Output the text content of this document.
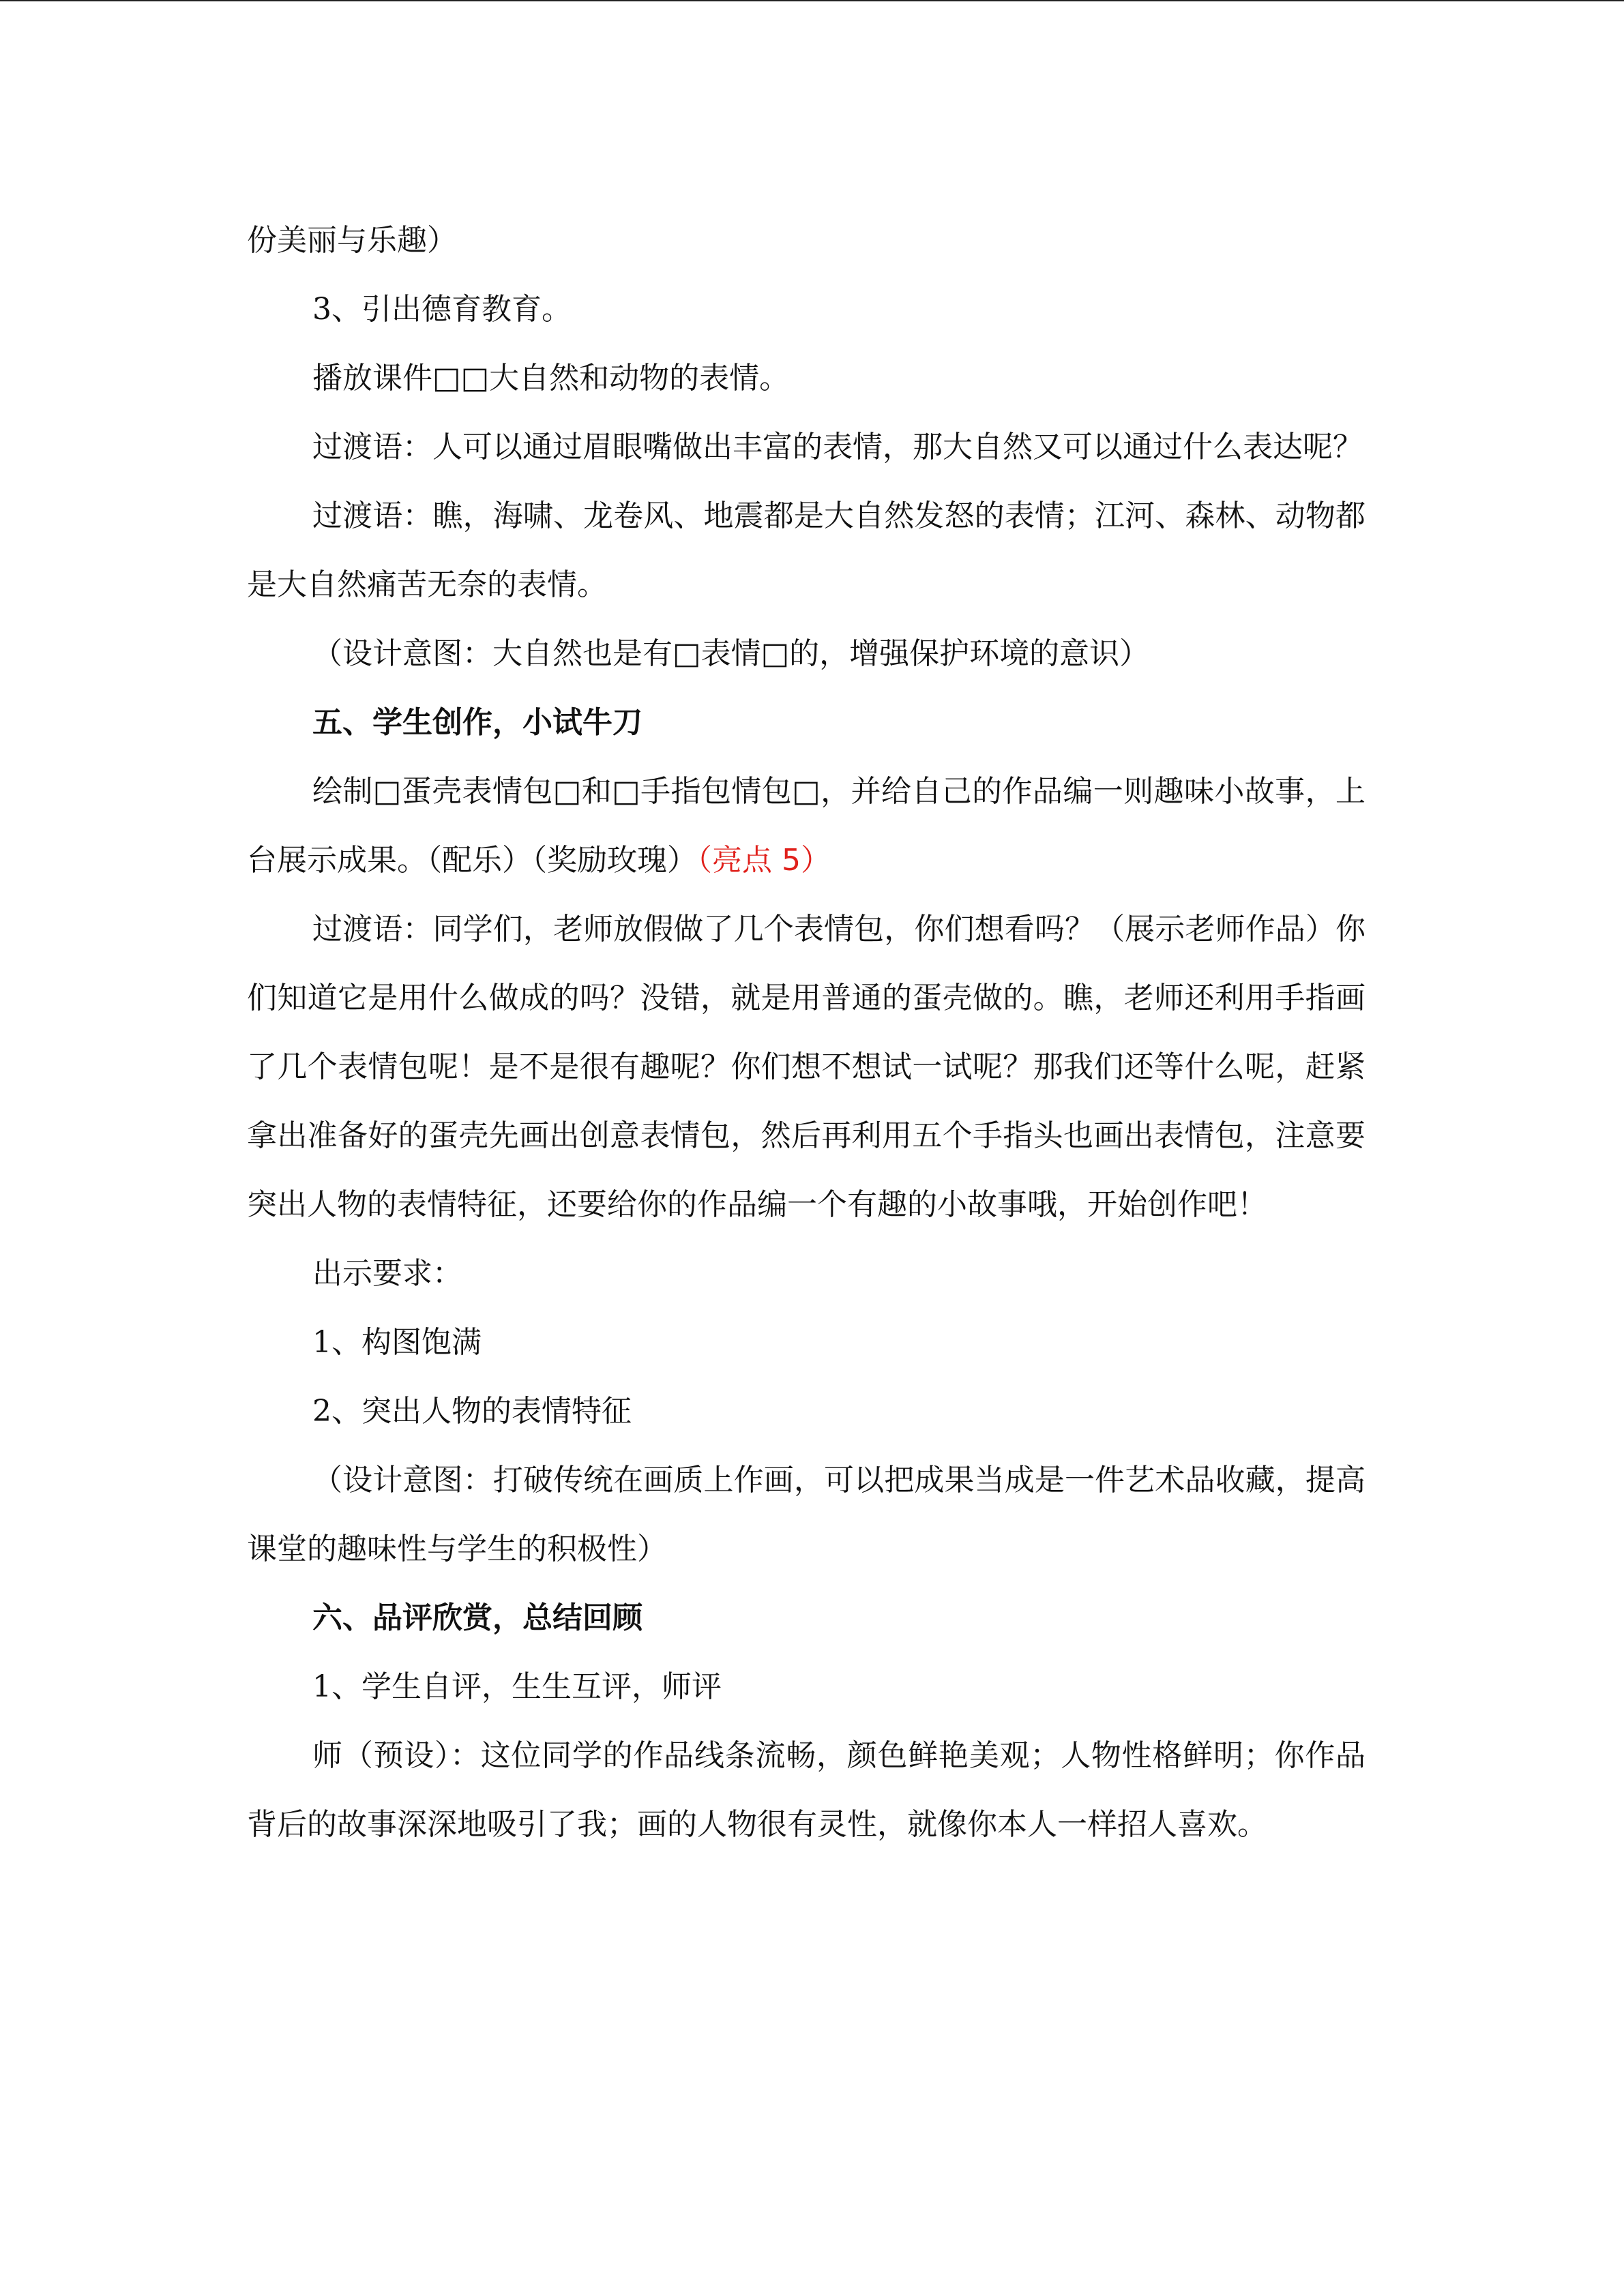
份美丽与乐趣）

3、引出德育教育。

播放课件□□大自然和动物的表情。

过渡语：人可以通过眉眼嘴做出丰富的表情，那大自然又可以通过什么表达呢？

过渡语：瞧，海啸、龙卷风、地震都是大自然发怒的表情；江河、森林、动物都是大自然痛苦无奈的表情。

（设计意图：大自然也是有□表情□的，增强保护环境的意识）

五、学生创作，小试牛刀

绘制□蛋壳表情包□和□手指包情包□，并给自己的作品编一则趣味小故事，上台展示成果。（配乐）（奖励玫瑰）（亮点 5）

过渡语：同学们，老师放假做了几个表情包，你们想看吗？（展示老师作品）你们知道它是用什么做成的吗？没错，就是用普通的蛋壳做的。瞧，老师还利用手指画了几个表情包呢！是不是很有趣呢？你们想不想试一试呢？那我们还等什么呢，赶紧拿出准备好的蛋壳先画出创意表情包，然后再利用五个手指头也画出表情包，注意要突出人物的表情特征，还要给你的作品编一个有趣的小故事哦，开始创作吧！

出示要求：

1、构图饱满

2、突出人物的表情特征

（设计意图：打破传统在画质上作画，可以把成果当成是一件艺术品收藏，提高课堂的趣味性与学生的积极性）

六、品评欣赏，总结回顾

1、学生自评，生生互评，师评

师（预设）：这位同学的作品线条流畅，颜色鲜艳美观；人物性格鲜明；你作品背后的故事深深地吸引了我；画的人物很有灵性，就像你本人一样招人喜欢。
